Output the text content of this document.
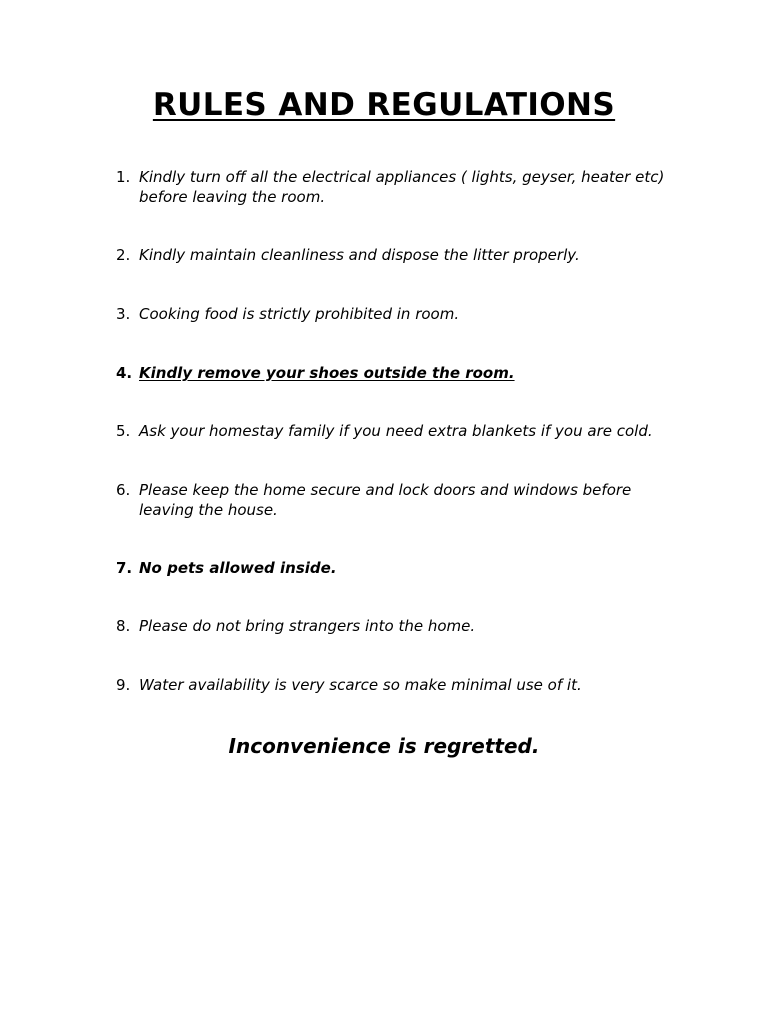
RULES AND REGULATIONS
1. Kindly turn off all the electrical appliances ( lights, geyser, heater etc) before leaving the room.
2. Kindly maintain cleanliness and dispose the litter properly.
3. Cooking food is strictly prohibited in room.
4. Kindly remove your shoes outside the room.
5. Ask your homestay family if you need extra blankets if you are cold.
6. Please keep the home secure and lock doors and windows before leaving the house.
7. No pets allowed inside.
8. Please do not bring strangers into the home.
9. Water availability is very scarce so make minimal use of it.

Inconvenience is regretted.
